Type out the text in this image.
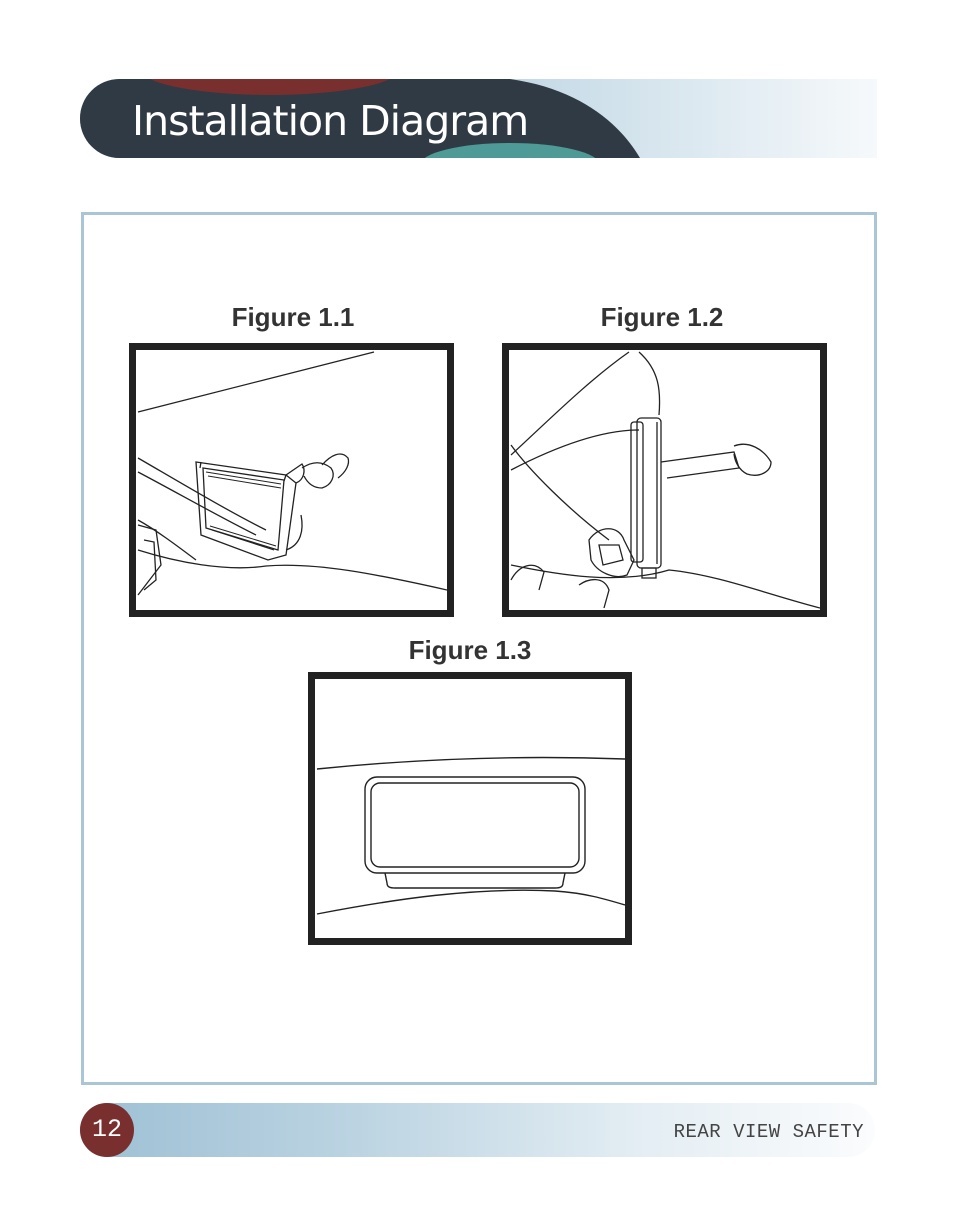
Installation Diagram
Figure 1.1	Figure 1.2
Figure 1.3
12	REAR VIEW SAFETY
